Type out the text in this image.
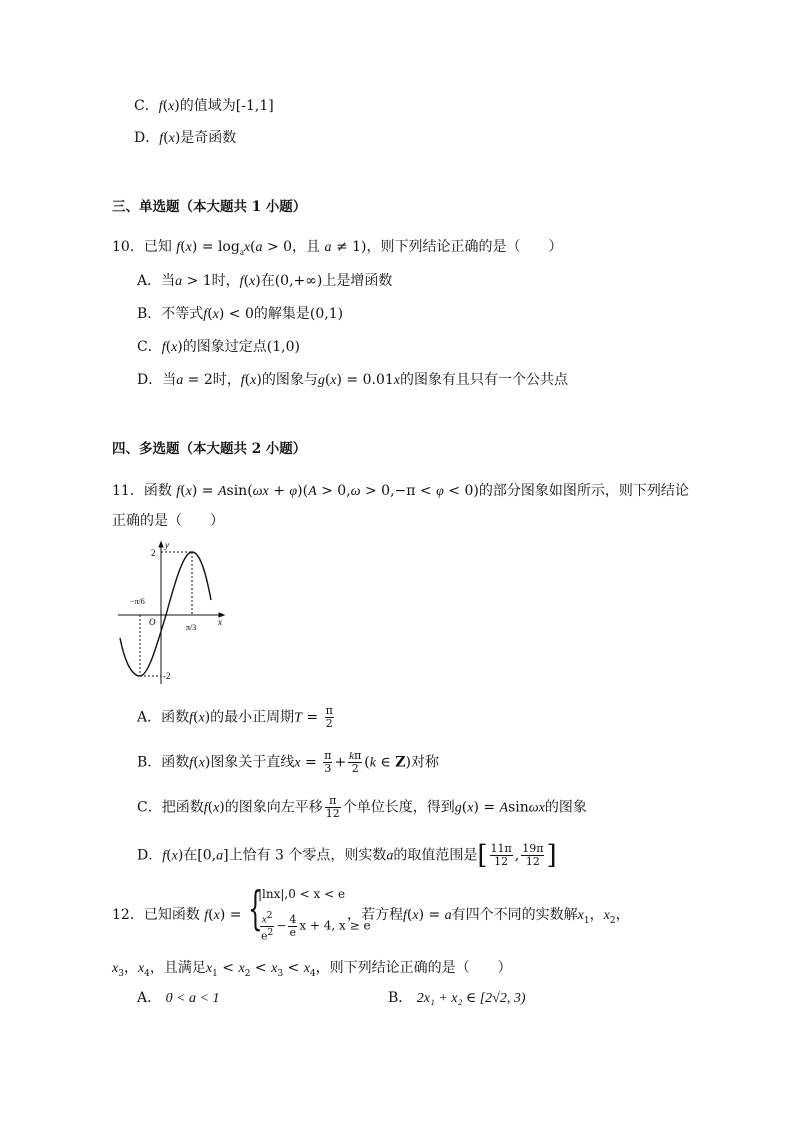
C．f(x)的值域为[-1,1]
D．f(x)是奇函数
三、单选题（本大题共 1 小题）
10．已知 $f(x) = \log_ax(a > 0$，且 a ≠ 1)，则下列结论正确的是（　　）
A．当a > 1时，f(x)在(0,+∞)上是增函数
B．不等式f(x) < 0的解集是(0,1)
C．f(x)的图象过定点(1,0)
D．当a = 2时，f(x)的图象与g(x) = 0.01x的图象有且只有一个公共点
四、多选题（本大题共 2 小题）
11．函数 f(x) = Asin(ωx + φ)(A > 0,ω > 0,−π < φ < 0)的部分图象如图所示，则下列结论
正确的是（　　）
y
x
O
2
-2
−π/6
π/3
A．函数f(x)的最小正周期$T = \frac{\pi}{2}$
B．函数f(x)图象关于直线$x = \frac{\pi}{3} + \frac{k\pi}{2} (k$ ∈ Z)对称
C．把函数f(x)的图象向左平移 $\frac{\pi}{12}$ 个单位长度，得到g(x) = Asinωx的图象
D．f(x)在[0,a]上恰有 3 个零点，则实数a的取值范围是[ $\frac{11\pi}{12}$ , $\frac{19\pi}{12}$ ]
12．已知函数 f(x) = {
|lnx|,0 < x < e
$\frac{x^2}{e^2} - \frac{4}{e}$ x + 4, x ≥ e
，若方程f(x) = a有四个不同的实数解$x_1$，$x_2$，
$x_3$，$x_4$，且满足$x_1 < x_2 < x_3 < x_4$，则下列结论正确的是（　　）
A． 0 < a < 1	B． 2x₁ + x₂ ∈ [2√2, 3)
